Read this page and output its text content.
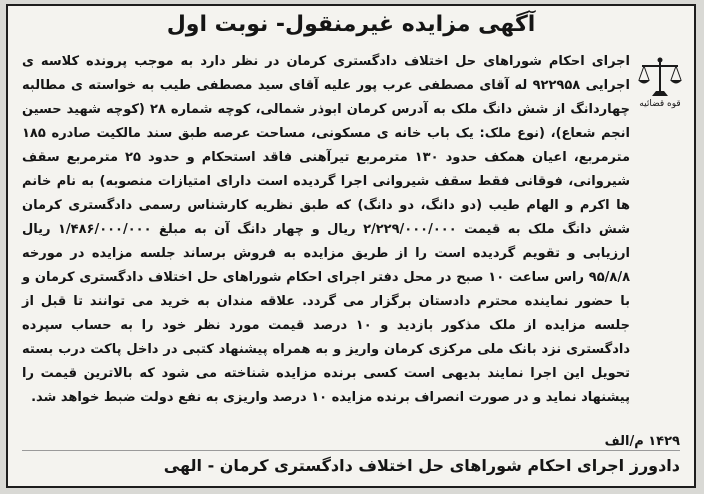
آگهی مزایده غیرمنقول- نوبت اول
قوه قضائیه
اجرای احکام شوراهای حل اختلاف دادگستری کرمان در نظر دارد به موجب پرونده کلاسه ی اجرایی ۹۲۲۹۵۸ له آقای مصطفی عرب پور علیه آقای سید مصطفی طیب به خواسته ی مطالبه چهاردانگ از شش دانگ ملک به آدرس کرمان ابوذر شمالی، کوچه شماره ۲۸ (کوچه شهید حسین انجم شعاع)، (نوع ملک: یک باب خانه ی مسکونی، مساحت عرصه طبق سند مالکیت صادره ۱۸۵ مترمربع، اعیان همکف حدود ۱۳۰ مترمربع تیرآهنی فاقد استحکام و حدود ۲۵ مترمربع سقف شیروانی، فوقانی فقط سقف شیروانی اجرا گردیده است دارای امتیازات منصوبه) به نام خانم ها اکرم و الهام طیب (دو دانگ، دو دانگ) که طبق نظریه کارشناس رسمی دادگستری کرمان شش دانگ ملک به قیمت ۲/۲۲۹/۰۰۰/۰۰۰ ریال و چهار دانگ آن به مبلغ ۱/۴۸۶/۰۰۰/۰۰۰ ریال ارزیابی و تقویم گردیده است را از طریق مزایده به فروش برساند جلسه مزایده در مورخه ۹۵/۸/۸ راس ساعت ۱۰ صبح در محل دفتر اجرای احکام شوراهای حل اختلاف دادگستری کرمان و با حضور نماینده محترم دادستان برگزار می گردد. علاقه مندان به خرید می توانند تا قبل از جلسه مزایده از ملک مذکور بازدید و ۱۰ درصد قیمت مورد نظر خود را به حساب سپرده دادگستری نزد بانک ملی مرکزی کرمان واریز و به همراه پیشنهاد کتبی در داخل پاکت درب بسته تحویل این اجرا نمایند بدیهی است کسی برنده مزایده شناخته می شود که بالاترین قیمت را پیشنهاد نماید و در صورت انصراف برنده مزایده ۱۰ درصد واریزی به نفع دولت ضبط خواهد شد.
۱۴۲۹ م/الف
دادورز اجرای احکام شوراهای حل اختلاف دادگستری کرمان - الهی
